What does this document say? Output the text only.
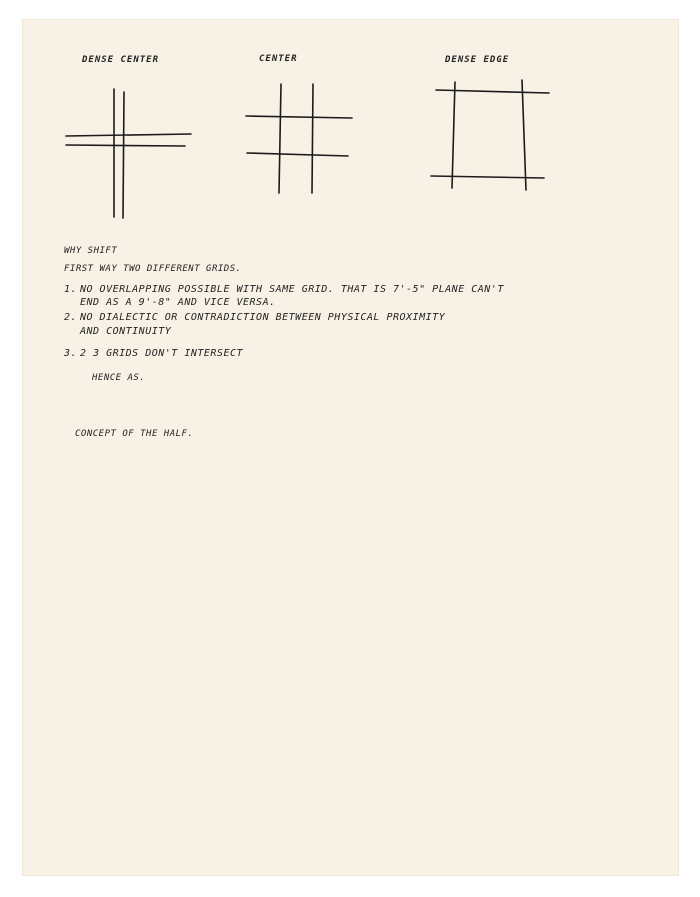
DENSE CENTER	CENTER	DENSE EDGE
WHY SHIFT
FIRST WAY TWO DIFFERENT GRIDS.
1. NO OVERLAPPING POSSIBLE WITH SAME GRID. THAT IS 7'-5" PLANE CAN'T
END AS A 9'-8" AND VICE VERSA.
2. NO DIALECTIC OR CONTRADICTION BETWEEN PHYSICAL PROXIMITY
AND CONTINUITY
3. 2 3 GRIDS DON'T INTERSECT
HENCE AS.
CONCEPT OF THE HALF.
